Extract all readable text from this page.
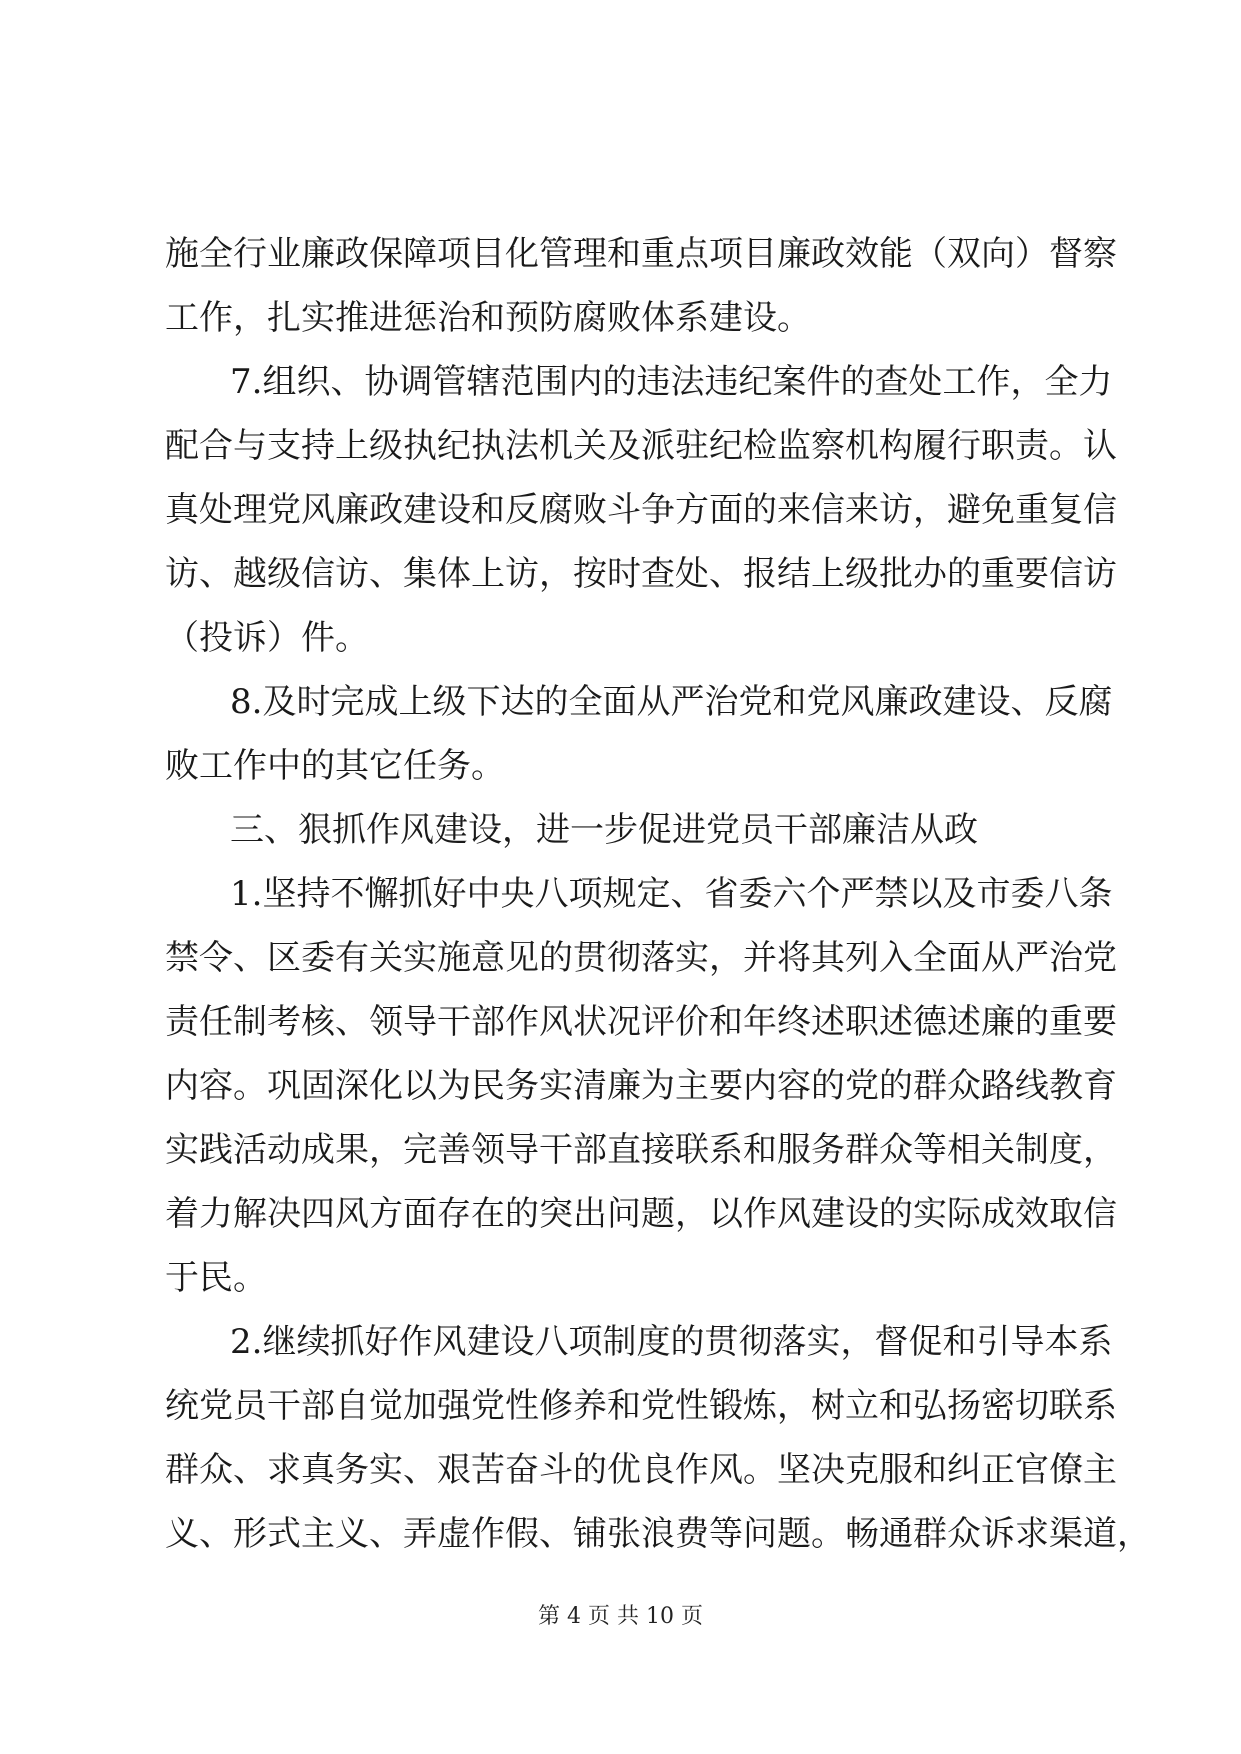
施全行业廉政保障项目化管理和重点项目廉政效能（双向）督察
工作，扎实推进惩治和预防腐败体系建设。
7.组织、协调管辖范围内的违法违纪案件的查处工作，全力
配合与支持上级执纪执法机关及派驻纪检监察机构履行职责。认
真处理党风廉政建设和反腐败斗争方面的来信来访，避免重复信
访、越级信访、集体上访，按时查处、报结上级批办的重要信访
（投诉）件。
8.及时完成上级下达的全面从严治党和党风廉政建设、反腐
败工作中的其它任务。
三、狠抓作风建设，进一步促进党员干部廉洁从政
1.坚持不懈抓好中央八项规定、省委六个严禁以及市委八条
禁令、区委有关实施意见的贯彻落实，并将其列入全面从严治党
责任制考核、领导干部作风状况评价和年终述职述德述廉的重要
内容。巩固深化以为民务实清廉为主要内容的党的群众路线教育
实践活动成果，完善领导干部直接联系和服务群众等相关制度，
着力解决四风方面存在的突出问题，以作风建设的实际成效取信
于民。
2.继续抓好作风建设八项制度的贯彻落实，督促和引导本系
统党员干部自觉加强党性修养和党性锻炼，树立和弘扬密切联系
群众、求真务实、艰苦奋斗的优良作风。坚决克服和纠正官僚主
义、形式主义、弄虚作假、铺张浪费等问题。畅通群众诉求渠道，
第 4 页 共 10 页
